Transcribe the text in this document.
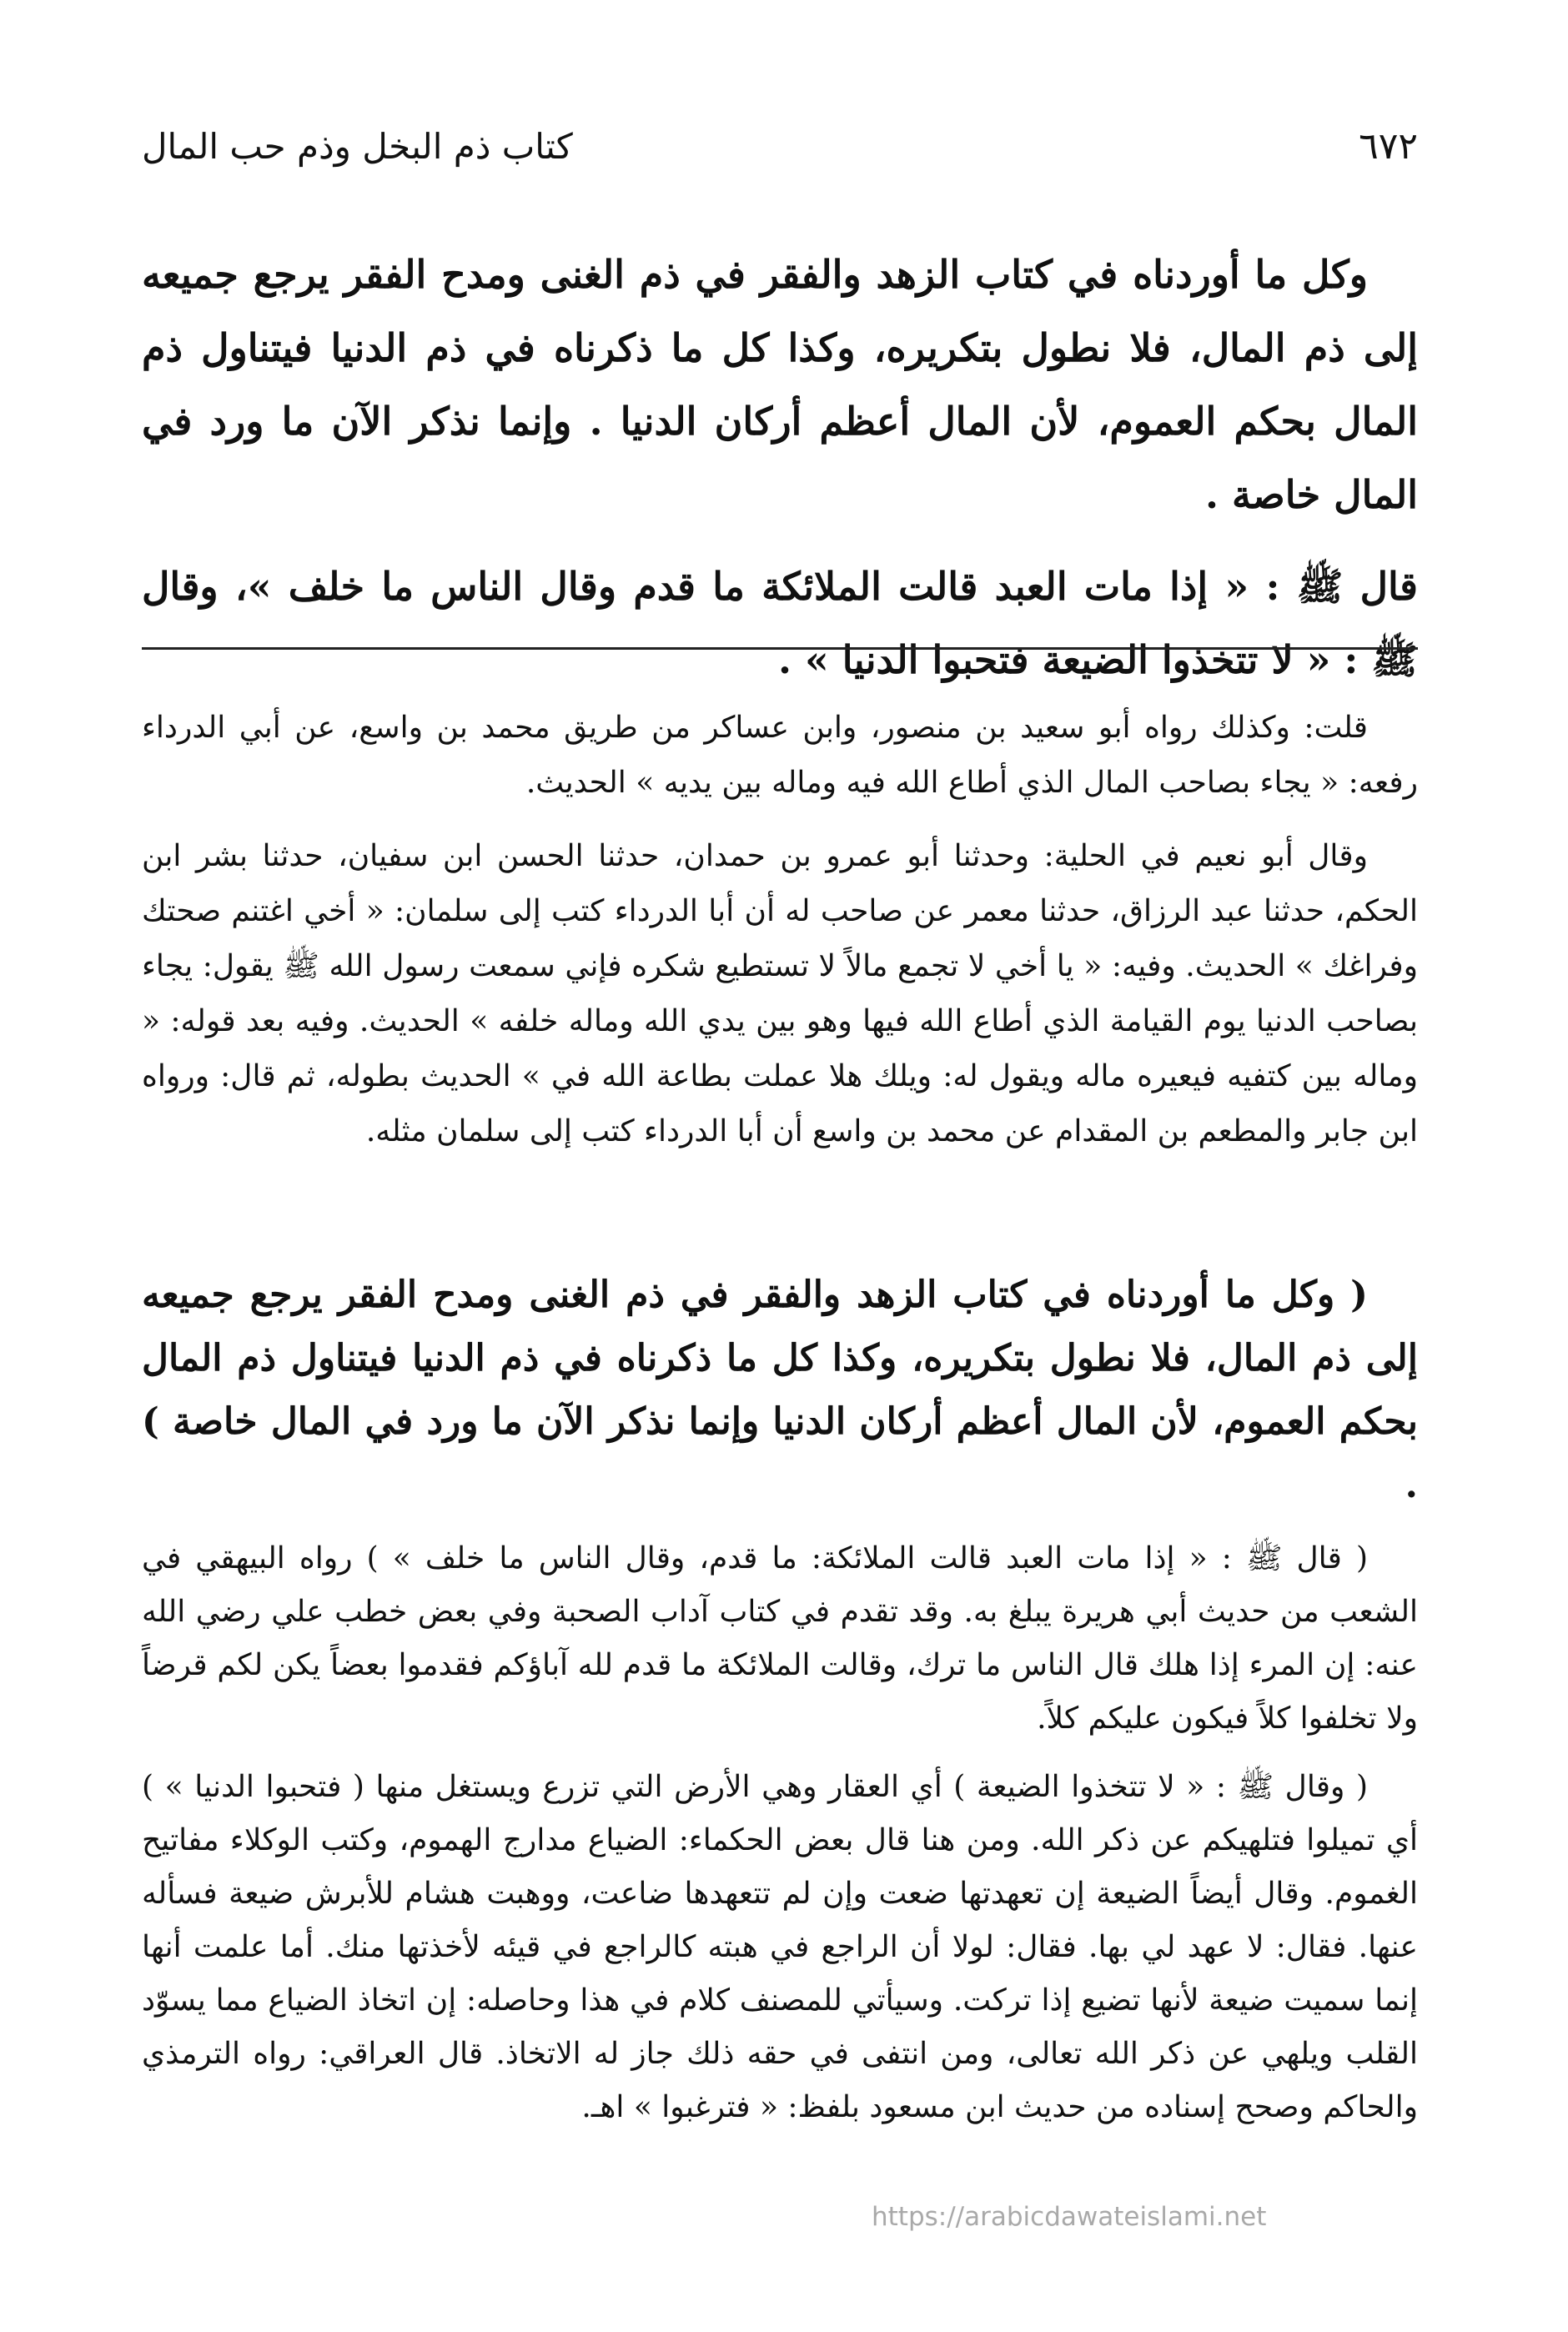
٦٧٢
كتاب ذم البخل وذم حب المال

وكل ما أوردناه في كتاب الزهد والفقر في ذم الغنى ومدح الفقر يرجع جميعه إلى ذم المال، فلا نطول بتكريره، وكذا كل ما ذكرناه في ذم الدنيا فيتناول ذم المال بحكم العموم، لأن المال أعظم أركان الدنيا . وإنما نذكر الآن ما ورد في المال خاصة .

قال ﷺ : « إذا مات العبد قالت الملائكة ما قدم وقال الناس ما خلف »، وقال ﷺ : « لا تتخذوا الضيعة فتحبوا الدنيا » .

قلت: وكذلك رواه أبو سعيد بن منصور، وابن عساكر من طريق محمد بن واسع، عن أبي الدرداء رفعه: « يجاء بصاحب المال الذي أطاع الله فيه وماله بين يديه » الحديث.

وقال أبو نعيم في الحلية: وحدثنا أبو عمرو بن حمدان، حدثنا الحسن ابن سفيان، حدثنا بشر ابن الحكم، حدثنا عبد الرزاق، حدثنا معمر عن صاحب له أن أبا الدرداء كتب إلى سلمان: « أخي اغتنم صحتك وفراغك » الحديث. وفيه: « يا أخي لا تجمع مالاً لا تستطيع شكره فإني سمعت رسول الله ﷺ يقول: يجاء بصاحب الدنيا يوم القيامة الذي أطاع الله فيها وهو بين يدي الله وماله خلفه » الحديث. وفيه بعد قوله: « وماله بين كتفيه فيعيره ماله ويقول له: ويلك هلا عملت بطاعة الله في » الحديث بطوله، ثم قال: ورواه ابن جابر والمطعم بن المقدام عن محمد بن واسع أن أبا الدرداء كتب إلى سلمان مثله.

( وكل ما أوردناه في كتاب الزهد والفقر في ذم الغنى ومدح الفقر يرجع جميعه إلى ذم المال، فلا نطول بتكريره، وكذا كل ما ذكرناه في ذم الدنيا فيتناول ذم المال بحكم العموم، لأن المال أعظم أركان الدنيا وإنما نذكر الآن ما ورد في المال خاصة ) .

( قال ﷺ : « إذا مات العبد قالت الملائكة: ما قدم، وقال الناس ما خلف » ) رواه البيهقي في الشعب من حديث أبي هريرة يبلغ به. وقد تقدم في كتاب آداب الصحبة وفي بعض خطب علي رضي الله عنه: إن المرء إذا هلك قال الناس ما ترك، وقالت الملائكة ما قدم لله آباؤكم فقدموا بعضاً يكن لكم قرضاً ولا تخلفوا كلاً فيكون عليكم كلاً.

( وقال ﷺ : « لا تتخذوا الضيعة ) أي العقار وهي الأرض التي تزرع ويستغل منها ( فتحبوا الدنيا » ) أي تميلوا فتلهيكم عن ذكر الله. ومن هنا قال بعض الحكماء: الضياع مدارج الهموم، وكتب الوكلاء مفاتيح الغموم. وقال أيضاً الضيعة إن تعهدتها ضعت وإن لم تتعهدها ضاعت، ووهبت هشام للأبرش ضيعة فسأله عنها. فقال: لا عهد لي بها. فقال: لولا أن الراجع في هبته كالراجع في قيئه لأخذتها منك. أما علمت أنها إنما سميت ضيعة لأنها تضيع إذا تركت. وسيأتي للمصنف كلام في هذا وحاصله: إن اتخاذ الضياع مما يسوّد القلب ويلهي عن ذكر الله تعالى، ومن انتفى في حقه ذلك جاز له الاتخاذ. قال العراقي: رواه الترمذي والحاكم وصحح إسناده من حديث ابن مسعود بلفظ: « فترغبوا » اهـ.

https://arabicdawateislami.net
